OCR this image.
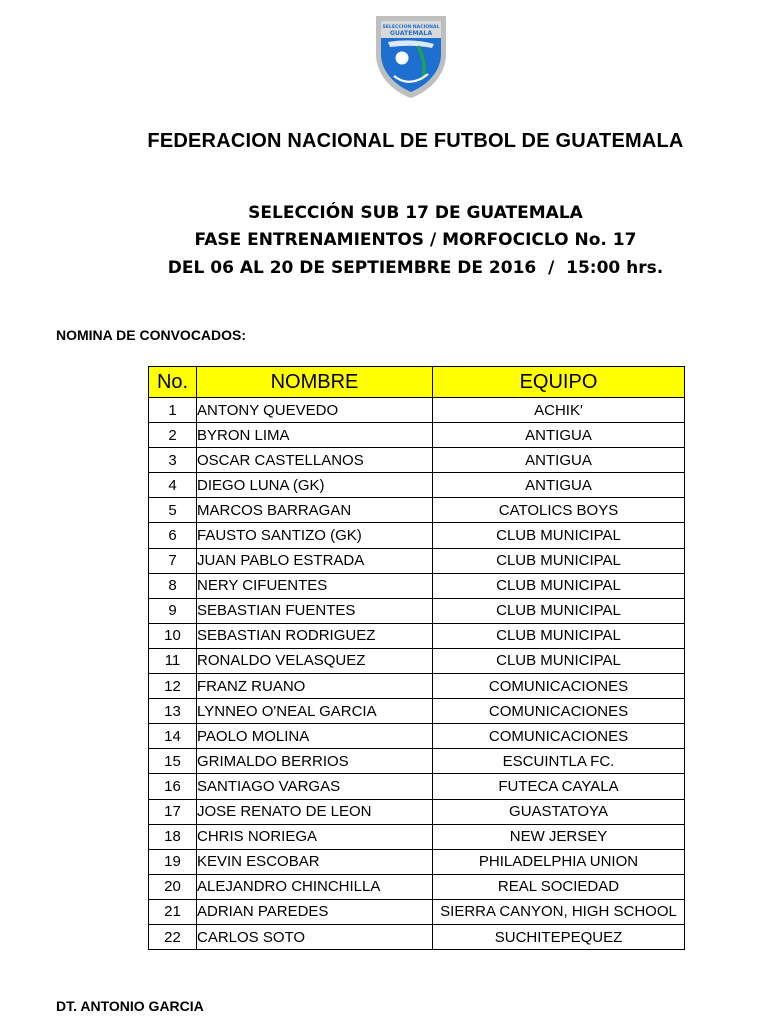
SELECCION NACIONAL
GUATEMALA
FEDERACION NACIONAL DE FUTBOL DE GUATEMALA
SELECCIÓN SUB 17 DE GUATEMALA
FASE ENTRENAMIENTOS / MORFOCICLO No. 17
DEL 06 AL 20 DE SEPTIEMBRE DE 2016  /  15:00 hrs.
NOMINA DE CONVOCADOS:
No.	NOMBRE	EQUIPO
1	ANTONY QUEVEDO	ACHIK'
2	BYRON LIMA	ANTIGUA
3	OSCAR CASTELLANOS	ANTIGUA
4	DIEGO LUNA (GK)	ANTIGUA
5	MARCOS BARRAGAN	CATOLICS BOYS
6	FAUSTO SANTIZO (GK)	CLUB MUNICIPAL
7	JUAN PABLO ESTRADA	CLUB MUNICIPAL
8	NERY CIFUENTES	CLUB MUNICIPAL
9	SEBASTIAN FUENTES	CLUB MUNICIPAL
10	SEBASTIAN RODRIGUEZ	CLUB MUNICIPAL
11	RONALDO VELASQUEZ	CLUB MUNICIPAL
12	FRANZ RUANO	COMUNICACIONES
13	LYNNEO O'NEAL GARCIA	COMUNICACIONES
14	PAOLO MOLINA	COMUNICACIONES
15	GRIMALDO BERRIOS	ESCUINTLA FC.
16	SANTIAGO VARGAS	FUTECA CAYALA
17	JOSE RENATO DE LEON	GUASTATOYA
18	CHRIS NORIEGA	NEW JERSEY
19	KEVIN ESCOBAR	PHILADELPHIA UNION
20	ALEJANDRO CHINCHILLA	REAL SOCIEDAD
21	ADRIAN PAREDES	SIERRA CANYON, HIGH SCHOOL
22	CARLOS SOTO	SUCHITEPEQUEZ
DT. ANTONIO GARCIA
